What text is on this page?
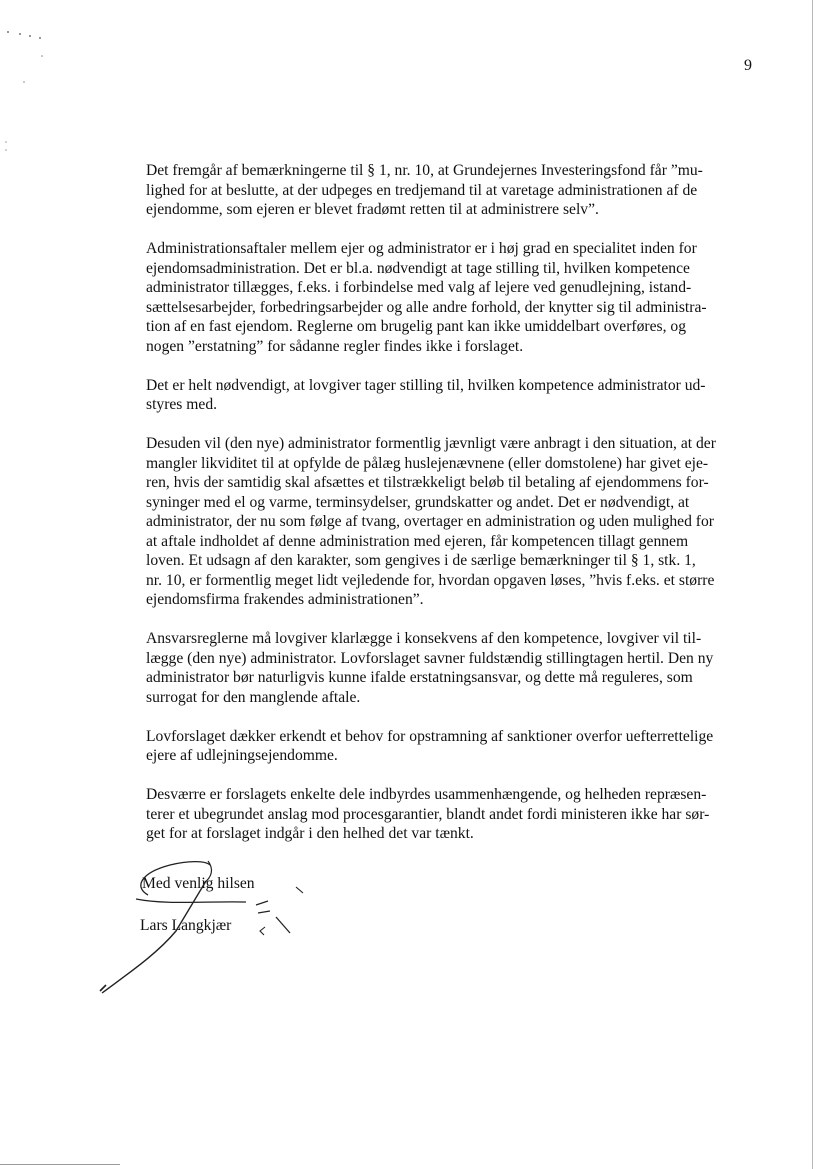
9

Det fremgår af bemærkningerne til § 1, nr. 10, at Grundejernes Investeringsfond får ”mu-
lighed for at beslutte, at der udpeges en tredjemand til at varetage administrationen af de
ejendomme, som ejeren er blevet fradømt retten til at administrere selv”.

Administrationsaftaler mellem ejer og administrator er i høj grad en specialitet inden for
ejendomsadministration. Det er bl.a. nødvendigt at tage stilling til, hvilken kompetence
administrator tillægges, f.eks. i forbindelse med valg af lejere ved genudlejning, istand-
sættelsesarbejder, forbedringsarbejder og alle andre forhold, der knytter sig til administra-
tion af en fast ejendom. Reglerne om brugelig pant kan ikke umiddelbart overføres, og
nogen ”erstatning” for sådanne regler findes ikke i forslaget.

Det er helt nødvendigt, at lovgiver tager stilling til, hvilken kompetence administrator ud-
styres med.

Desuden vil (den nye) administrator formentlig jævnligt være anbragt i den situation, at der
mangler likviditet til at opfylde de pålæg huslejenævnene (eller domstolene) har givet eje-
ren, hvis der samtidig skal afsættes et tilstrækkeligt beløb til betaling af ejendommens for-
syninger med el og varme, terminsydelser, grundskatter og andet. Det er nødvendigt, at
administrator, der nu som følge af tvang, overtager en administration og uden mulighed for
at aftale indholdet af denne administration med ejeren, får kompetencen tillagt gennem
loven. Et udsagn af den karakter, som gengives i de særlige bemærkninger til § 1, stk. 1,
nr. 10, er formentlig meget lidt vejledende for, hvordan opgaven løses, ”hvis f.eks. et større
ejendomsfirma frakendes administrationen”.

Ansvarsreglerne må lovgiver klarlægge i konsekvens af den kompetence, lovgiver vil til-
lægge (den nye) administrator. Lovforslaget savner fuldstændig stillingtagen hertil. Den ny
administrator bør naturligvis kunne ifalde erstatningsansvar, og dette må reguleres, som
surrogat for den manglende aftale.

Lovforslaget dækker erkendt et behov for opstramning af sanktioner overfor uefterrettelige
ejere af udlejningsejendomme.

Desværre er forslagets enkelte dele indbyrdes usammenhængende, og helheden repræsen-
terer et ubegrundet anslag mod procesgarantier, blandt andet fordi ministeren ikke har sør-
get for at forslaget indgår i den helhed det var tænkt.

Med venlig hilsen
Lars Langkjær
